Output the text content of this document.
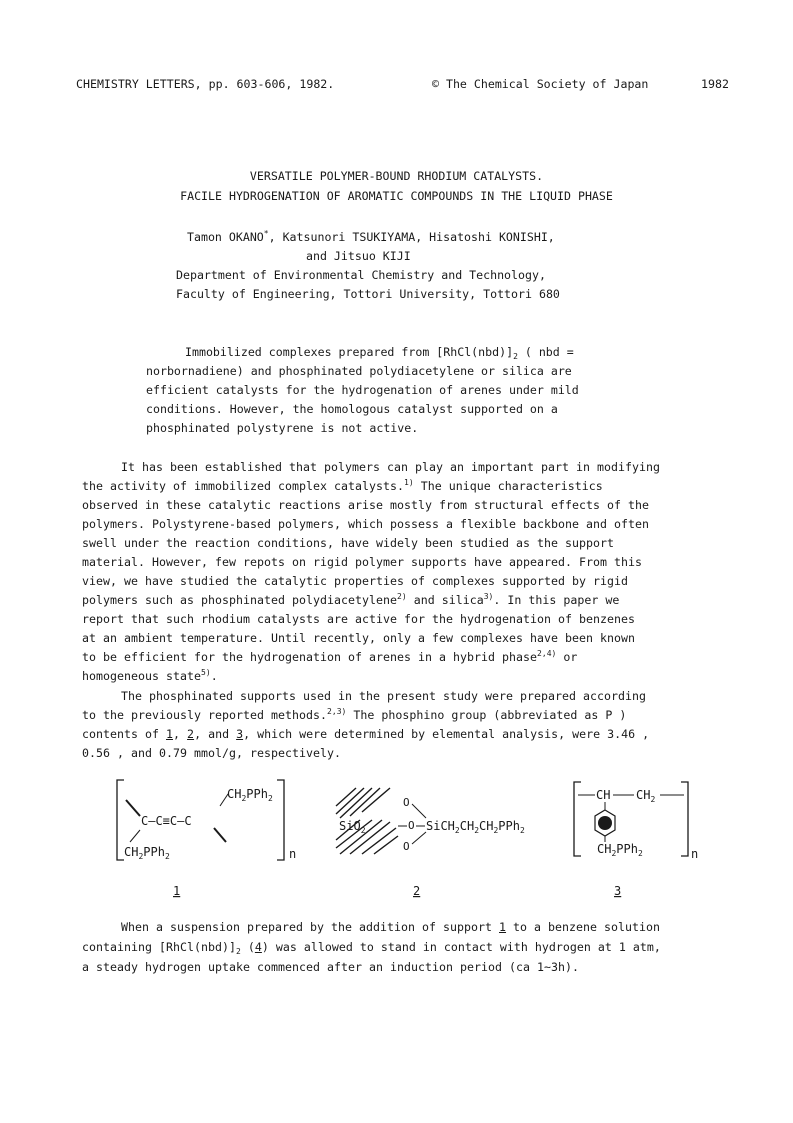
CHEMISTRY LETTERS, pp. 603-606, 1982.	© The Chemical Society of Japan	1982
VERSATILE POLYMER-BOUND RHODIUM CATALYSTS.
FACILE HYDROGENATION OF AROMATIC COMPOUNDS IN THE LIQUID PHASE
Tamon OKANO*, Katsunori TSUKIYAMA, Hisatoshi KONISHI,
and Jitsuo KIJI
Department of Environmental Chemistry and Technology,
Faculty of Engineering, Tottori University, Tottori 680
Immobilized complexes prepared from $[RhCl(nbd)]_2$ ( nbd =
norbornadiene) and phosphinated polydiacetylene or silica are
efficient catalysts for the hydrogenation of arenes under mild
conditions. However, the homologous catalyst supported on a
phosphinated polystyrene is not active.
It has been established that polymers can play an important part in modifying
the activity of immobilized complex catalysts.$^{1)}$ The unique characteristics
observed in these catalytic reactions arise mostly from structural effects of the
polymers. Polystyrene-based polymers, which possess a flexible backbone and often
swell under the reaction conditions, have widely been studied as the support
material. However, few repots on rigid polymer supports have appeared. From this
view, we have studied the catalytic properties of complexes supported by rigid
polymers such as phosphinated polydiacetylene$^{2)}$ and silica$^{3)}$. In this paper we
report that such rhodium catalysts are active for the hydrogenation of benzenes
at an ambient temperature. Until recently, only a few complexes have been known
to be efficient for the hydrogenation of arenes in a hybrid phase$^{2,4)}$ or
homogeneous state$^{5)}$.
The phosphinated supports used in the present study were prepared according
to the previously reported methods.$^{2,3)}$ The phosphino group (abbreviated as P )
contents of 1, 2, and 3, which were determined by elemental analysis, were 3.46 ,
0.56 , and 0.79 mmol/g, respectively.
$CH_2PPh_2$
C—C≡C—C
$CH_2PPh_2$	n
1
SiO$_2$
O
O
O
$SiCH_2CH_2CH_2PPh_2$
2
CH $CH_2$
$CH_2PPh_2$	n
3
When a suspension prepared by the addition of support 1 to a benzene solution
containing $[RhCl(nbd)]_2$ (4) was allowed to stand in contact with hydrogen at 1 atm,
a steady hydrogen uptake commenced after an induction period (ca 1~3h).
